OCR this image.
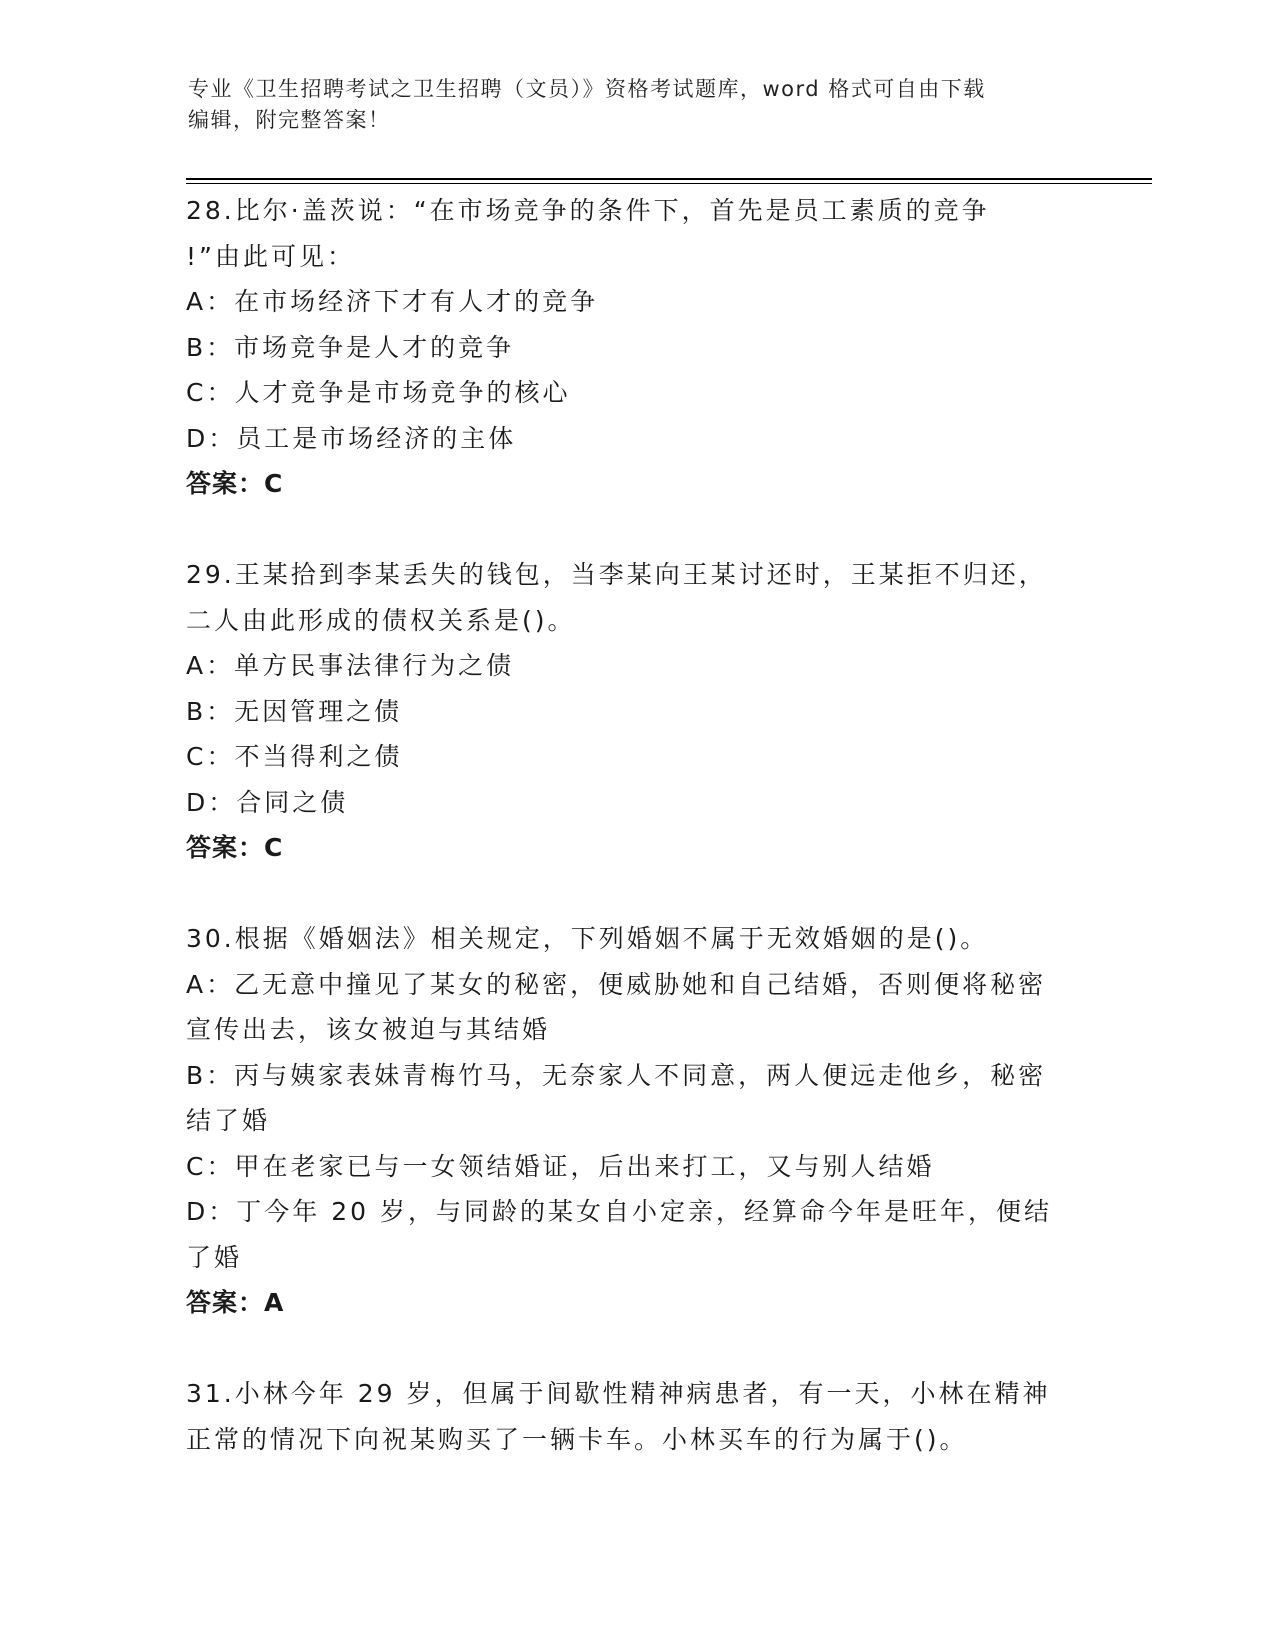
专业《卫生招聘考试之卫生招聘（文员）》资格考试题库，word 格式可自由下载
编辑，附完整答案！
28.比尔·盖茨说：“在市场竞争的条件下，首先是员工素质的竞争
!”由此可见：
A：在市场经济下才有人才的竞争
B：市场竞争是人才的竞争
C：人才竞争是市场竞争的核心
D：员工是市场经济的主体
答案：C
29.王某拾到李某丢失的钱包，当李某向王某讨还时，王某拒不归还，
二人由此形成的债权关系是()。
A：单方民事法律行为之债
B：无因管理之债
C：不当得利之债
D：合同之债
答案：C
30.根据《婚姻法》相关规定，下列婚姻不属于无效婚姻的是()。
A：乙无意中撞见了某女的秘密，便威胁她和自己结婚，否则便将秘密
宣传出去，该女被迫与其结婚
B：丙与姨家表妹青梅竹马，无奈家人不同意，两人便远走他乡，秘密
结了婚
C：甲在老家已与一女领结婚证，后出来打工，又与别人结婚
D：丁今年 20 岁，与同龄的某女自小定亲，经算命今年是旺年，便结
了婚
答案：A
31.小林今年 29 岁，但属于间歇性精神病患者，有一天，小林在精神
正常的情况下向祝某购买了一辆卡车。小林买车的行为属于()。
